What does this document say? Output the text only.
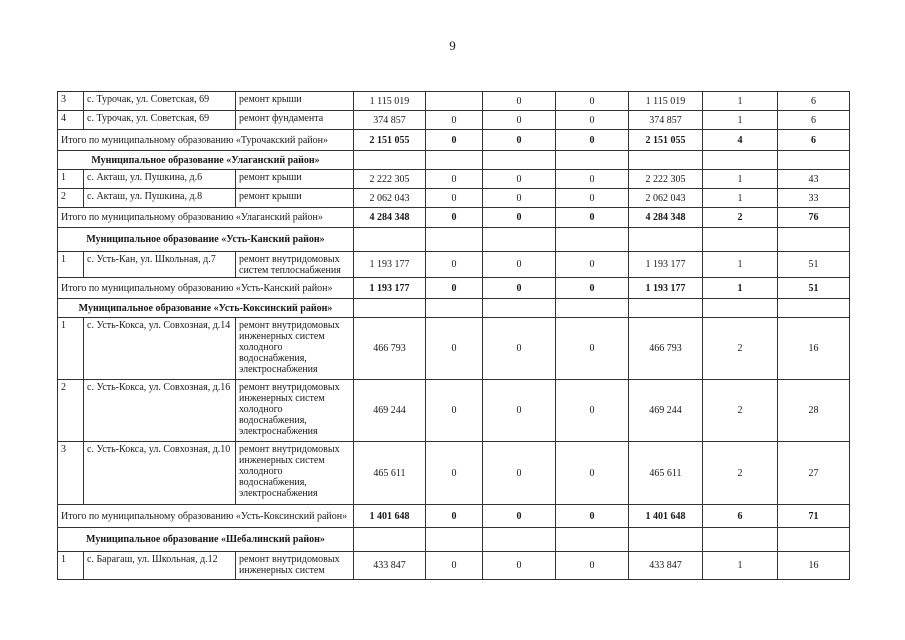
9
3	с. Турочак, ул. Советская, 69	ремонт крыши	1 115 019		0	0	1 115 019	1	6
4	с. Турочак, ул. Советская, 69	ремонт фундамента	374 857	0	0	0	374 857	1	6
Итого по муниципальному образованию «Турочакский район»			2 151 055	0	0	0	2 151 055	4	6
Муниципальное образование «Улаганский район»									
1	с. Акташ, ул. Пушкина, д.6	ремонт крыши	2 222 305	0	0	0	2 222 305	1	43
2	с. Акташ, ул. Пушкина, д.8	ремонт крыши	2 062 043	0	0	0	2 062 043	1	33
Итого по муниципальному образованию «Улаганский район»			4 284 348	0	0	0	4 284 348	2	76
Муниципальное образование «Усть-Канский район»									
1	с. Усть-Кан, ул. Школьная, д.7	ремонт внутридомовых систем теплоснабжения	1 193 177	0	0	0	1 193 177	1	51
Итого по муниципальному образованию «Усть-Канский район»			1 193 177	0	0	0	1 193 177	1	51
Муниципальное образование «Усть-Коксинский район»									
1	с. Усть-Кокса, ул. Совхозная, д.14	ремонт внутридомовых инженерных систем холодного водоснабжения, электроснабжения	466 793	0	0	0	466 793	2	16
2	с. Усть-Кокса, ул. Совхозная, д.16	ремонт внутридомовых инженерных систем холодного водоснабжения, электроснабжения	469 244	0	0	0	469 244	2	28
3	с. Усть-Кокса, ул. Совхозная, д.10	ремонт внутридомовых инженерных систем холодного водоснабжения, электроснабжения	465 611	0	0	0	465 611	2	27
Итого по муниципальному образованию «Усть-Коксинский район»			1 401 648	0	0	0	1 401 648	6	71
Муниципальное образование «Шебалинский район»									
1	с. Барагаш, ул. Школьная, д.12	ремонт внутридомовых инженерных систем	433 847	0	0	0	433 847	1	16
